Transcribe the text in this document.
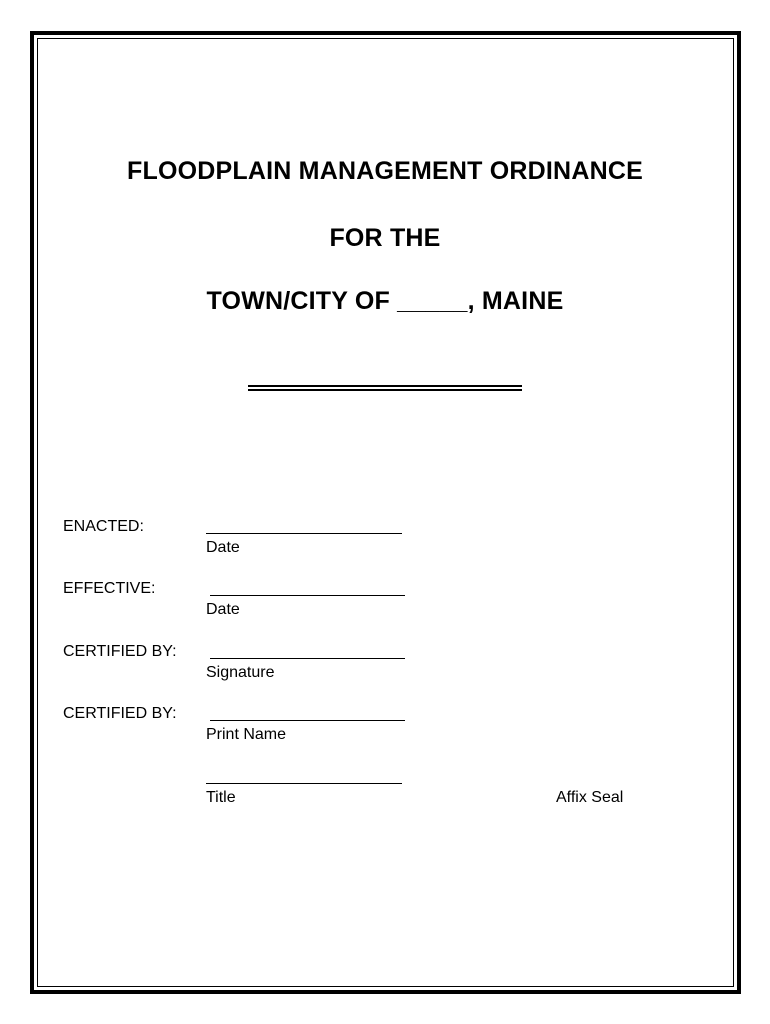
FLOODPLAIN MANAGEMENT ORDINANCE
FOR THE
TOWN/CITY OF _____, MAINE
ENACTED:
Date
EFFECTIVE:
Date
CERTIFIED BY:
Signature
CERTIFIED BY:
Print Name
Title	Affix Seal
